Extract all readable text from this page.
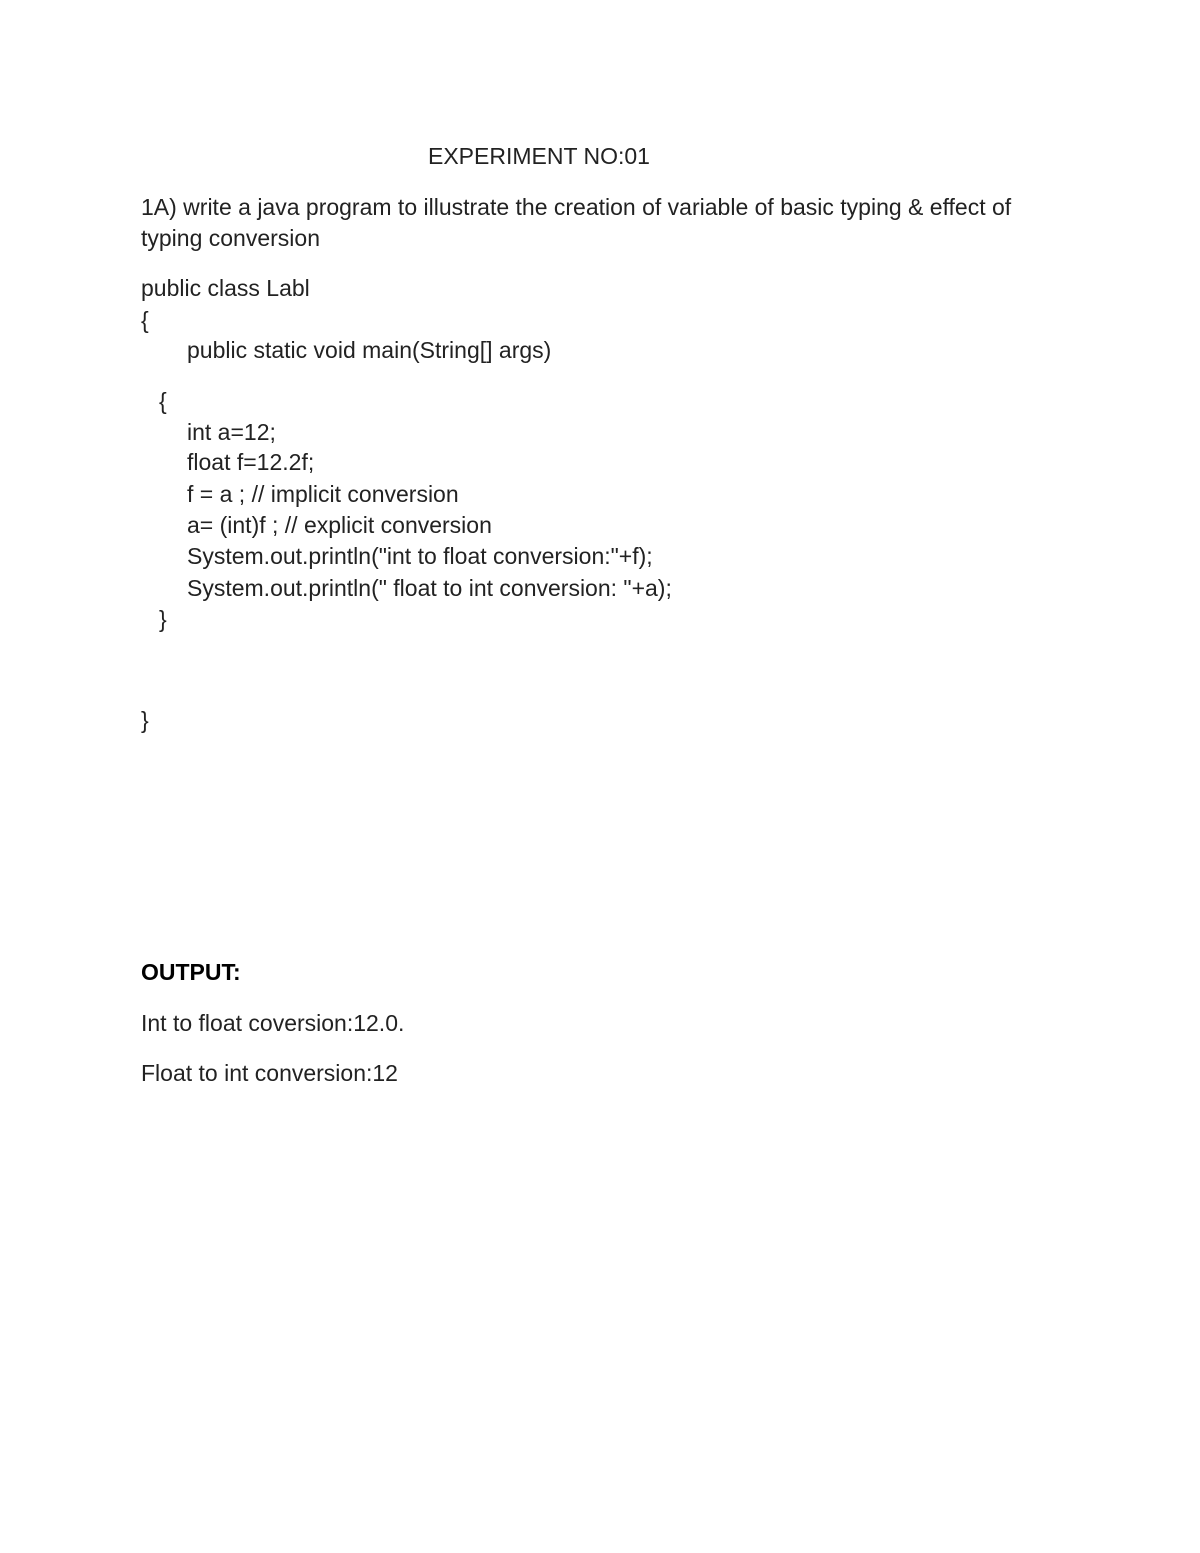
EXPERIMENT NO:01
1A) write a java program to illustrate the creation of variable of basic typing & effect of
typing conversion
public class Labl
{
public static void main(String[] args)
{
int a=12;
float f=12.2f;
f = a ; // implicit conversion
a= (int)f ; // explicit conversion
System.out.println("int to float conversion:"+f);
System.out.println(" float to int conversion: "+a);
}
}
OUTPUT:
Int to float coversion:12.0.
Float to int conversion:12
